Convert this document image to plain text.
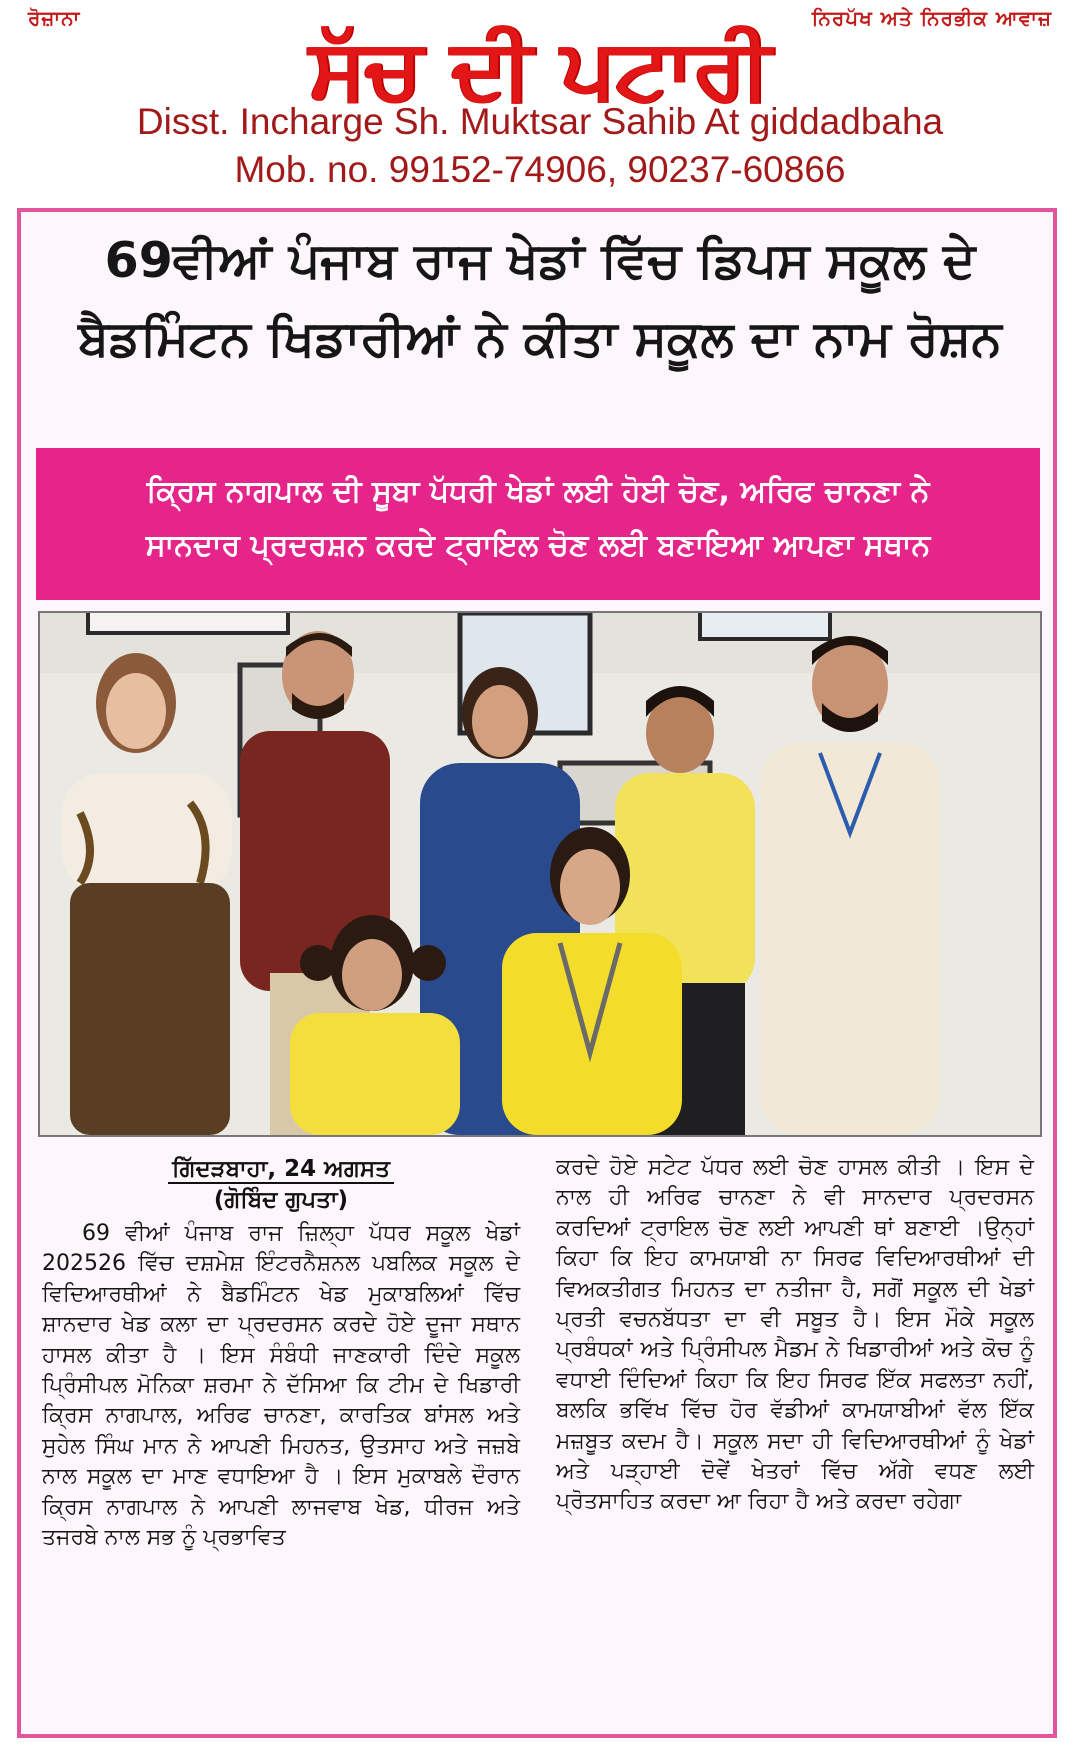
ਰੋਜ਼ਾਨਾ	ਨਿਰਪੱਖ ਅਤੇ ਨਿਰਭੀਕ ਆਵਾਜ਼
ਸੱਚ ਦੀ ਪਟਾਰੀ
Disst. Incharge Sh. Muktsar Sahib At giddadbaha
Mob. no. 99152-74906, 90237-60866
69ਵੀਆਂ ਪੰਜਾਬ ਰਾਜ ਖੇਡਾਂ ਵਿੱਚ ਡਿਪਸ ਸਕੂਲ ਦੇ
ਬੈਡਮਿੰਟਨ ਖਿਡਾਰੀਆਂ ਨੇ ਕੀਤਾ ਸਕੂਲ ਦਾ ਨਾਮ ਰੋਸ਼ਨ
ਕ੍ਰਿਸ ਨਾਗਪਾਲ ਦੀ ਸੂਬਾ ਪੱਧਰੀ ਖੇਡਾਂ ਲਈ ਹੋਈ ਚੋਣ, ਅਰਿਫ ਚਾਨਣਾ ਨੇ
ਸਾਨਦਾਰ ਪ੍ਰਦਰਸ਼ਨ ਕਰਦੇ ਟ੍ਰਾਇਲ ਚੋਣ ਲਈ ਬਣਾਇਆ ਆਪਣਾ ਸਥਾਨ
ਗਿੱਦੜਬਾਹਾ, 24 ਅਗਸਤ
(ਗੋਬਿੰਦ ਗੁਪਤਾ)

69 ਵੀਆਂ ਪੰਜਾਬ ਰਾਜ ਜ਼ਿਲ੍ਹਾ ਪੱਧਰ ਸਕੂਲ ਖੇਡਾਂ 202526 ਵਿੱਚ ਦਸ਼ਮੇਸ਼ ਇੰਟਰਨੈਸ਼ਨਲ ਪਬਲਿਕ ਸਕੂਲ ਦੇ ਵਿਦਿਆਰਥੀਆਂ ਨੇ ਬੈਡਮਿੰਟਨ ਖੇਡ ਮੁਕਾਬਲਿਆਂ ਵਿੱਚ ਸ਼ਾਨਦਾਰ ਖੇਡ ਕਲਾ ਦਾ ਪ੍ਰਦਰਸਨ ਕਰਦੇ ਹੋਏ ਦੂਜਾ ਸਥਾਨ ਹਾਸਲ ਕੀਤਾ ਹੈ । ਇਸ ਸੰਬੰਧੀ ਜਾਣਕਾਰੀ ਦਿੰਦੇ ਸਕੂਲ ਪ੍ਰਿੰਸੀਪਲ ਮੋਨਿਕਾ ਸ਼ਰਮਾ ਨੇ ਦੱਸਿਆ ਕਿ ਟੀਮ ਦੇ ਖਿਡਾਰੀ ਕ੍ਰਿਸ ਨਾਗਪਾਲ, ਅਰਿਫ ਚਾਨਣਾ, ਕਾਰਤਿਕ ਬਾਂਸਲ ਅਤੇ ਸੁਹੇਲ ਸਿੰਘ ਮਾਨ ਨੇ ਆਪਣੀ ਮਿਹਨਤ, ਉਤਸਾਹ ਅਤੇ ਜਜ਼ਬੇ ਨਾਲ ਸਕੂਲ ਦਾ ਮਾਣ ਵਧਾਇਆ ਹੈ । ਇਸ ਮੁਕਾਬਲੇ ਦੌਰਾਨ ਕ੍ਰਿਸ ਨਾਗਪਾਲ ਨੇ ਆਪਣੀ ਲਾਜਵਾਬ ਖੇਡ, ਧੀਰਜ ਅਤੇ ਤਜਰਬੇ ਨਾਲ ਸਭ ਨੂੰ ਪ੍ਰਭਾਵਿਤ

ਕਰਦੇ ਹੋਏ ਸਟੇਟ ਪੱਧਰ ਲਈ ਚੋਣ ਹਾਸਲ ਕੀਤੀ । ਇਸ ਦੇ ਨਾਲ ਹੀ ਅਰਿਫ ਚਾਨਣਾ ਨੇ ਵੀ ਸਾਨਦਾਰ ਪ੍ਰਦਰਸਨ ਕਰਦਿਆਂ ਟ੍ਰਾਇਲ ਚੋਣ ਲਈ ਆਪਣੀ ਥਾਂ ਬਣਾਈ ।ਉਨ੍ਹਾਂ ਕਿਹਾ ਕਿ ਇਹ ਕਾਮਯਾਬੀ ਨਾ ਸਿਰਫ ਵਿਦਿਆਰਥੀਆਂ ਦੀ ਵਿਅਕਤੀਗਤ ਮਿਹਨਤ ਦਾ ਨਤੀਜਾ ਹੈ, ਸਗੋਂ ਸਕੂਲ ਦੀ ਖੇਡਾਂ ਪ੍ਰਤੀ ਵਚਨਬੱਧਤਾ ਦਾ ਵੀ ਸਬੂਤ ਹੈ। ਇਸ ਮੌਕੇ ਸਕੂਲ ਪ੍ਰਬੰਧਕਾਂ ਅਤੇ ਪ੍ਰਿੰਸੀਪਲ ਮੈਡਮ ਨੇ ਖਿਡਾਰੀਆਂ ਅਤੇ ਕੋਚ ਨੂੰ ਵਧਾਈ ਦਿੰਦਿਆਂ ਕਿਹਾ ਕਿ ਇਹ ਸਿਰਫ ਇੱਕ ਸਫਲਤਾ ਨਹੀਂ, ਬਲਕਿ ਭਵਿੱਖ ਵਿੱਚ ਹੋਰ ਵੱਡੀਆਂ ਕਾਮਯਾਬੀਆਂ ਵੱਲ ਇੱਕ ਮਜ਼ਬੂਤ ਕਦਮ ਹੈ। ਸਕੂਲ ਸਦਾ ਹੀ ਵਿਦਿਆਰਥੀਆਂ ਨੂੰ ਖੇਡਾਂ ਅਤੇ ਪੜ੍ਹਾਈ ਦੋਵੇਂ ਖੇਤਰਾਂ ਵਿੱਚ ਅੱਗੇ ਵਧਣ ਲਈ ਪ੍ਰੋਤਸਾਹਿਤ ਕਰਦਾ ਆ ਰਿਹਾ ਹੈ ਅਤੇ ਕਰਦਾ ਰਹੇਗਾ
